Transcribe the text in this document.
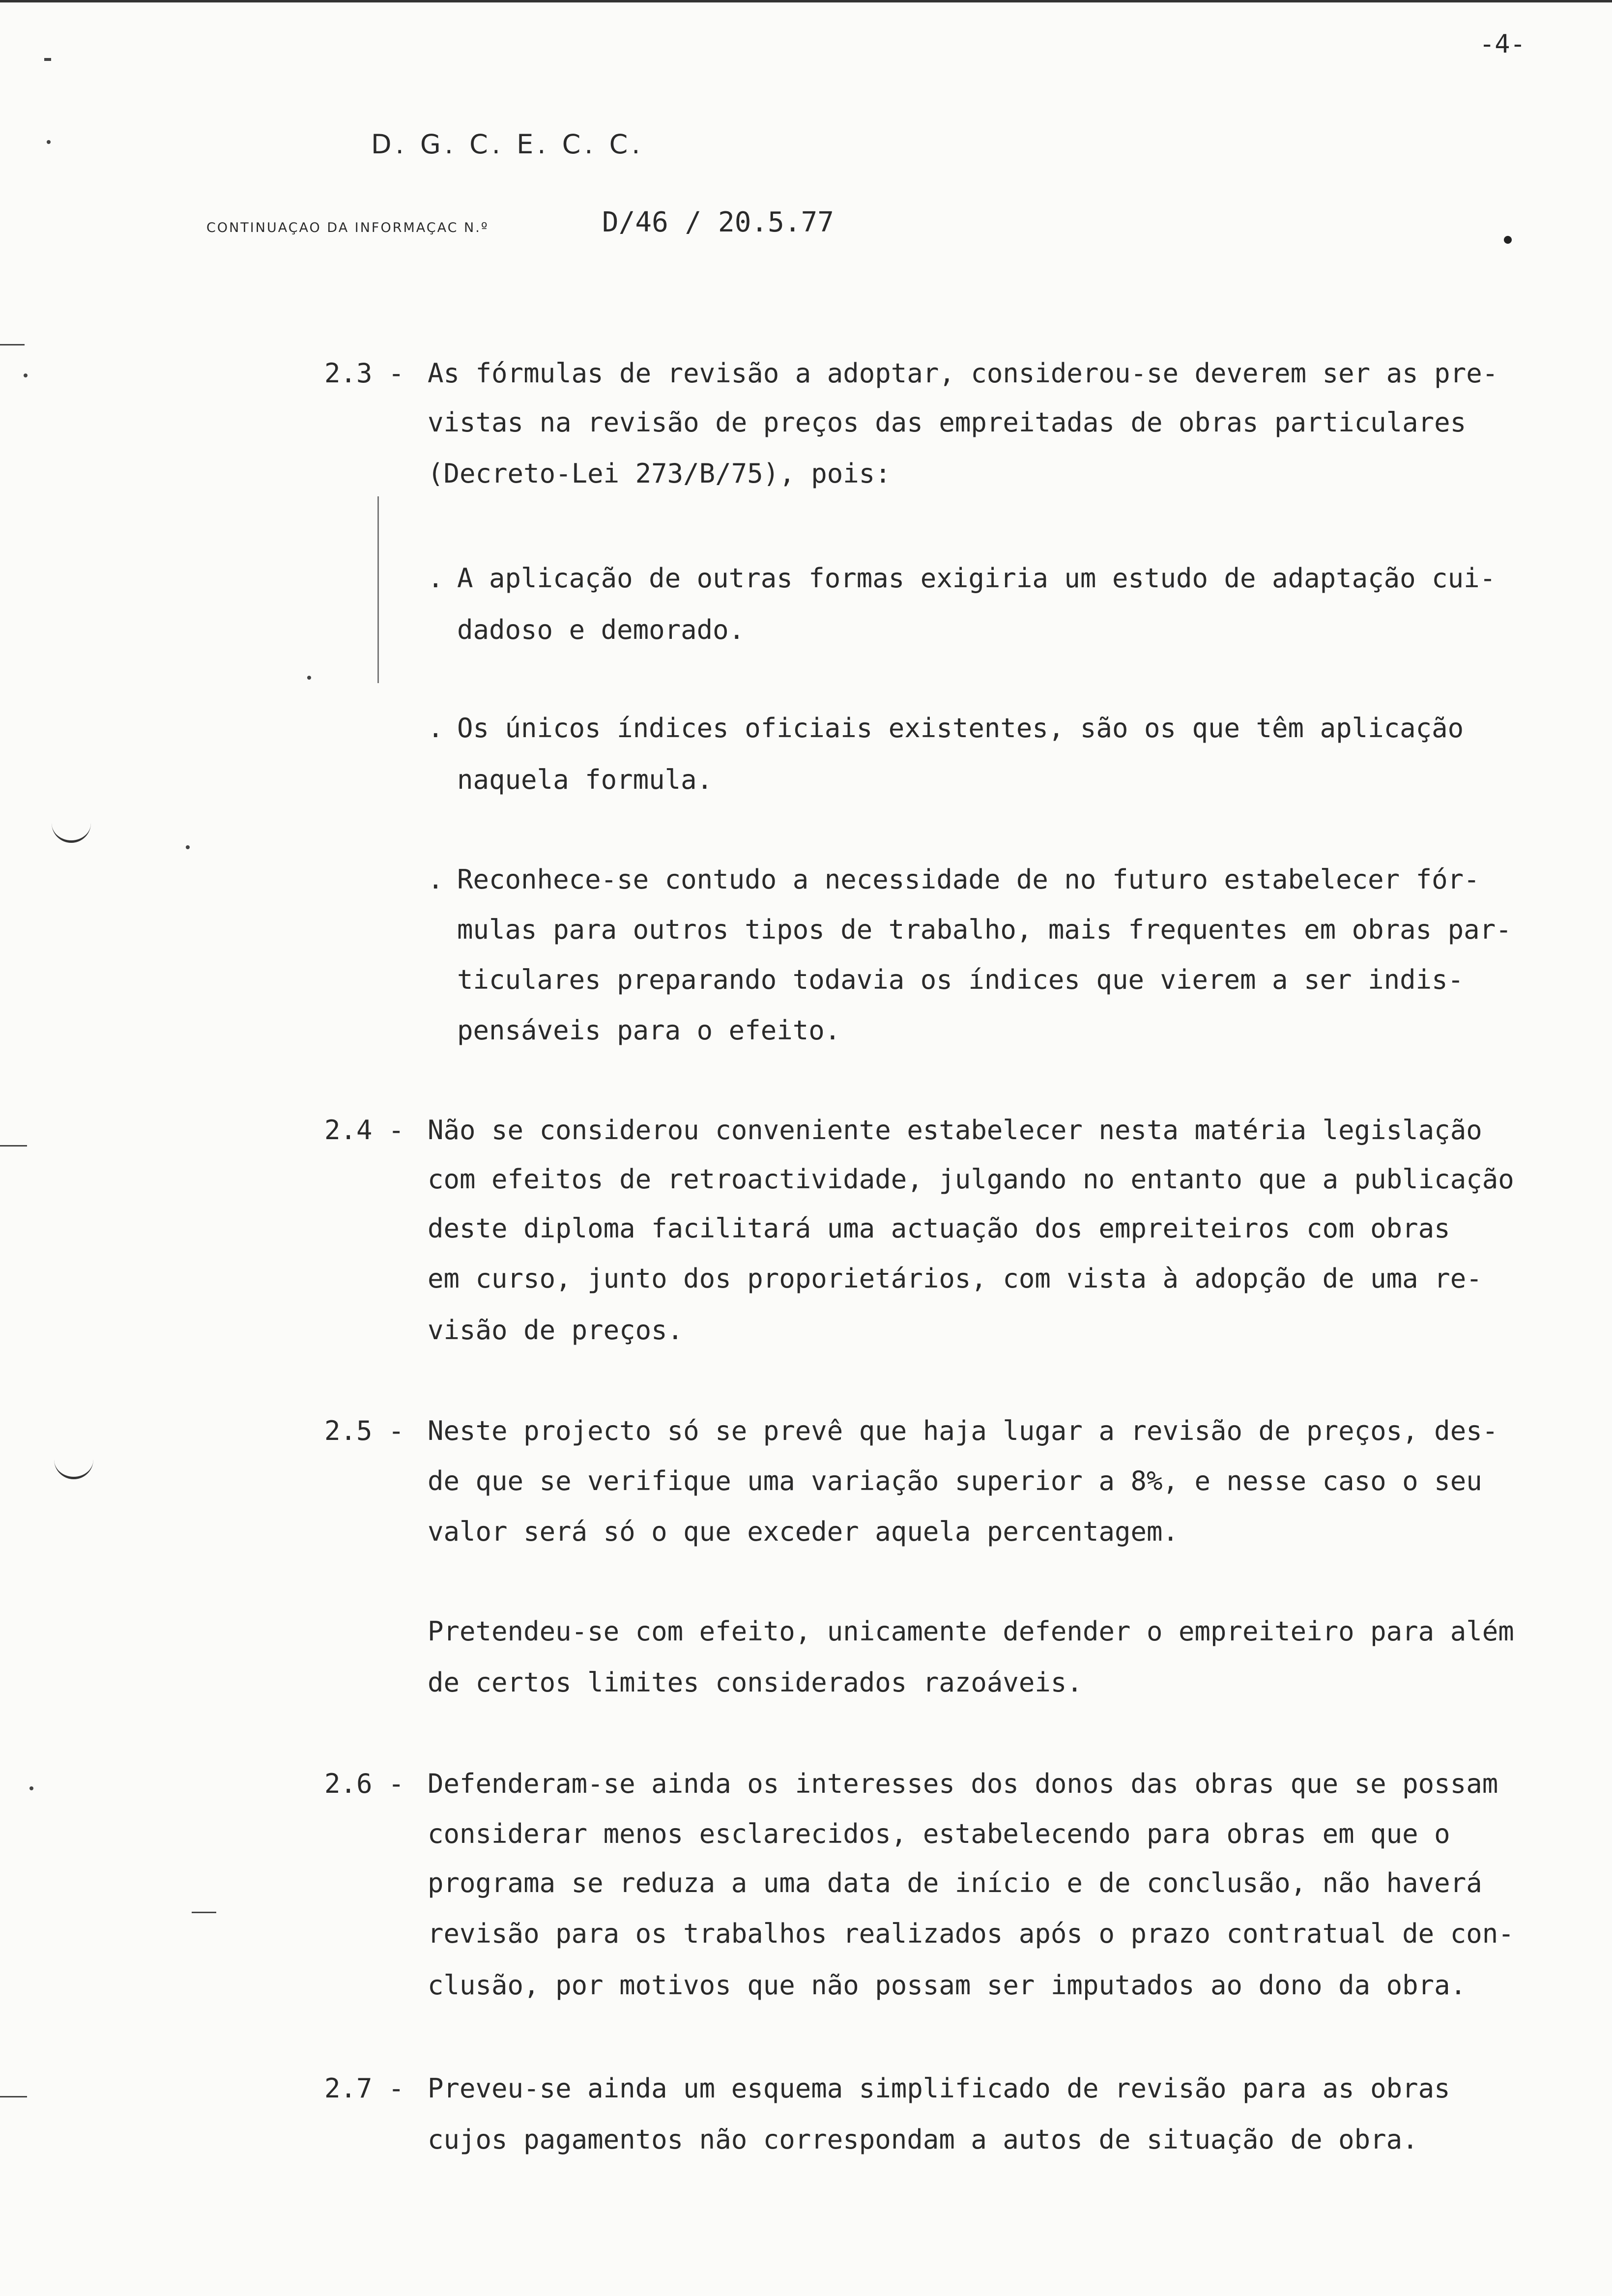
-4-
D. G. C. E. C. C.
CONTINUAÇAO DA INFORMAÇAC N.º	D/46 / 20.5.77
2.3 - As fórmulas de revisão a adoptar, considerou-se deverem ser as pre-
vistas na revisão de preços das empreitadas de obras particulares
(Decreto-Lei 273/B/75), pois:
. A aplicação de outras formas exigiria um estudo de adaptação cui-
dadoso e demorado.
. Os únicos índices oficiais existentes, são os que têm aplicação
naquela formula.
. Reconhece-se contudo a necessidade de no futuro estabelecer fór-
mulas para outros tipos de trabalho, mais frequentes em obras par-
ticulares preparando todavia os índices que vierem a ser indis-
pensáveis para o efeito.
2.4 - Não se considerou conveniente estabelecer nesta matéria legislação
com efeitos de retroactividade, julgando no entanto que a publicação
deste diploma facilitará uma actuação dos empreiteiros com obras
em curso, junto dos proporietários, com vista à adopção de uma re-
visão de preços.
2.5 - Neste projecto só se prevê que haja lugar a revisão de preços, des-
de que se verifique uma variação superior a 8%, e nesse caso o seu
valor será só o que exceder aquela percentagem.
Pretendeu-se com efeito, unicamente defender o empreiteiro para além
de certos limites considerados razoáveis.
2.6 - Defenderam-se ainda os interesses dos donos das obras que se possam
considerar menos esclarecidos, estabelecendo para obras em que o
programa se reduza a uma data de início e de conclusão, não haverá
revisão para os trabalhos realizados após o prazo contratual de con-
clusão, por motivos que não possam ser imputados ao dono da obra.
2.7 - Preveu-se ainda um esquema simplificado de revisão para as obras
cujos pagamentos não correspondam a autos de situação de obra.
